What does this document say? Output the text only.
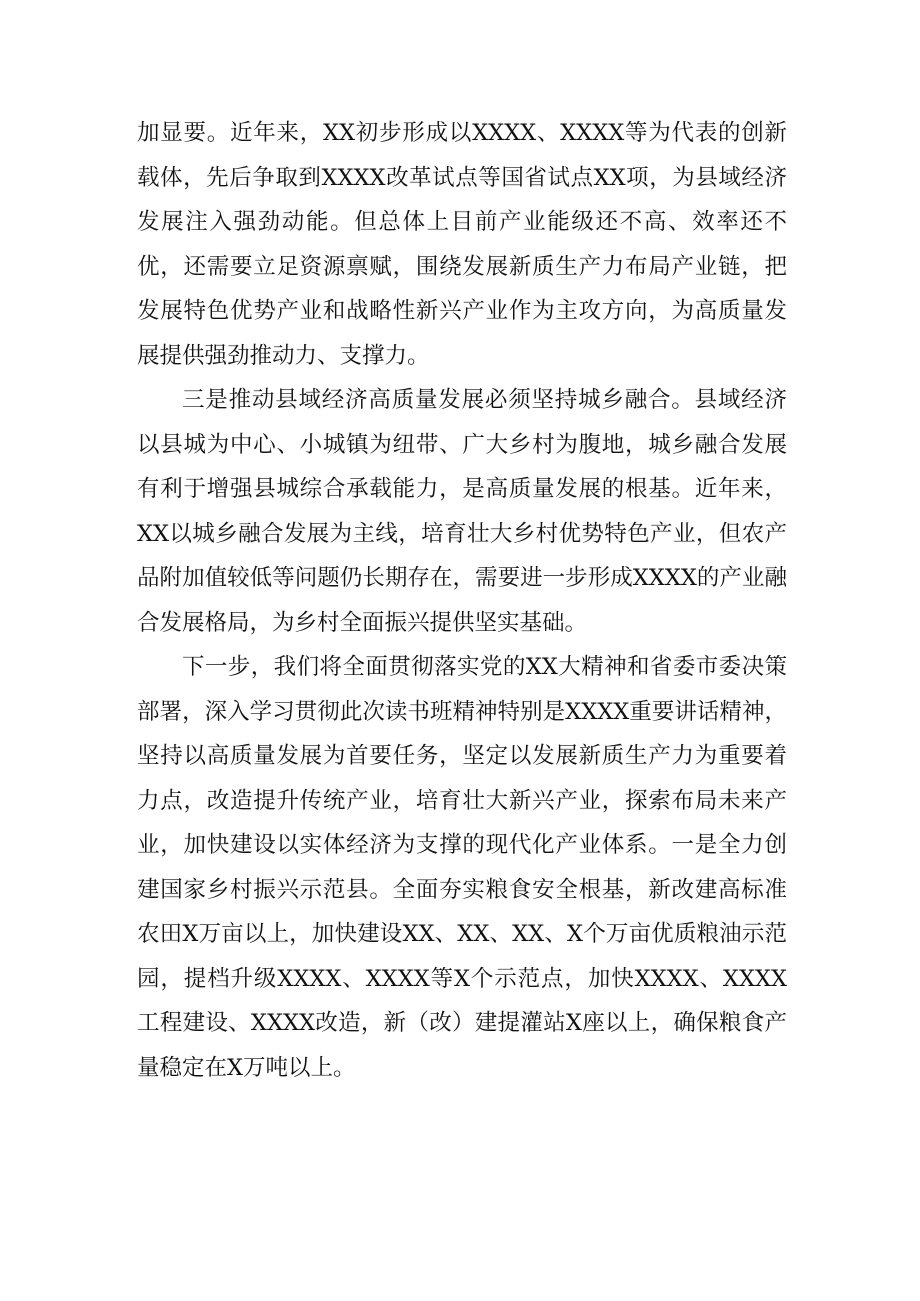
加显要。近年来，XX初步形成以XXXX、XXXX等为代表的创新载体，先后争取到XXXX改革试点等国省试点XX项，为县域经济发展注入强劲动能。但总体上目前产业能级还不高、效率还不优，还需要立足资源禀赋，围绕发展新质生产力布局产业链，把发展特色优势产业和战略性新兴产业作为主攻方向，为高质量发展提供强劲推动力、支撑力。

三是推动县域经济高质量发展必须坚持城乡融合。县域经济以县城为中心、小城镇为纽带、广大乡村为腹地，城乡融合发展有利于增强县城综合承载能力，是高质量发展的根基。近年来，XX以城乡融合发展为主线，培育壮大乡村优势特色产业，但农产品附加值较低等问题仍长期存在，需要进一步形成XXXX的产业融合发展格局，为乡村全面振兴提供坚实基础。

下一步，我们将全面贯彻落实党的XX大精神和省委市委决策部署，深入学习贯彻此次读书班精神特别是XXXX重要讲话精神，坚持以高质量发展为首要任务，坚定以发展新质生产力为重要着力点，改造提升传统产业，培育壮大新兴产业，探索布局未来产业，加快建设以实体经济为支撑的现代化产业体系。一是全力创建国家乡村振兴示范县。全面夯实粮食安全根基，新改建高标准农田X万亩以上，加快建设XX、XX、XX、X个万亩优质粮油示范园，提档升级XXXX、XXXX等X个示范点，加快XXXX、XXXX工程建设、XXXX改造，新（改）建提灌站X座以上，确保粮食产量稳定在X万吨以上。
